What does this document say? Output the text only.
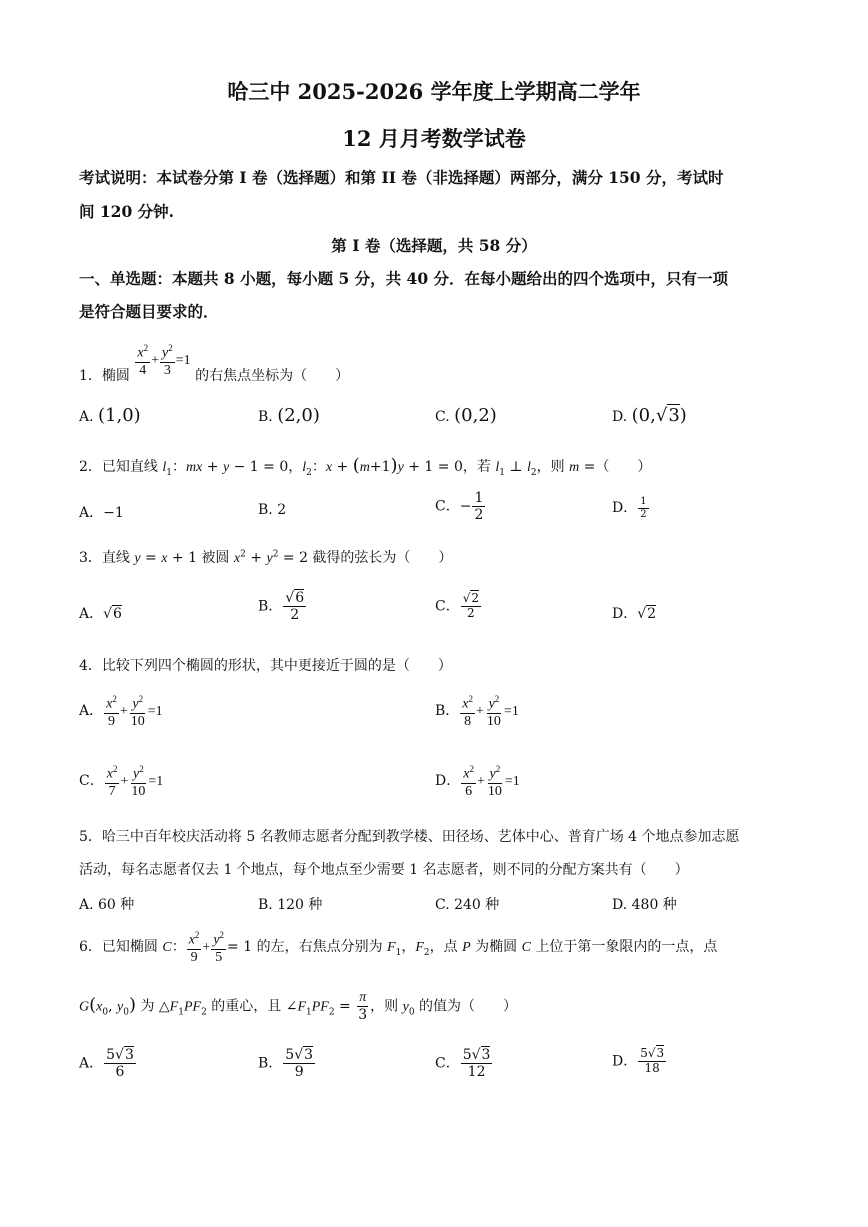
哈三中 2025-2026 学年度上学期高二学年
12 月月考数学试卷
考试说明：本试卷分第 I 卷（选择题）和第 II 卷（非选择题）两部分，满分 150 分，考试时
间 120 分钟.
第 I 卷（选择题，共 58 分）
一、单选题：本题共 8 小题，每小题 5 分，共 40 分．在每小题给出的四个选项中，只有一项
是符合题目要求的．
1．椭圆 $\frac{x^2}{4} + \frac{y^2}{3} =1$ 的右焦点坐标为（　　）
A. (1,0)	B. (2,0)	C. (0,2)	D. (0,√3)
2．已知直线 $l_1$：mx + y − 1 = 0，$l_2$：x + (m+1)y + 1 = 0，若 $l_1$ ⊥ $l_2$，则 m =（　　）
A．−1	B. 2	C．− $\frac{1}{2}$	D． $\frac{1}{2}$
3．直线 y = x + 1 被圆 $x^2 + y^2 = 2$ 截得的弦长为（　　）
A．√6	B． $\frac{√6}{2}$	C． $\frac{√2}{2}$	D．√2
4．比较下列四个椭圆的形状，其中更接近于圆的是（　　）
A． $\frac{x^2}{9} + \frac{y^2}{10} =1$	B． $\frac{x^2}{8} + \frac{y^2}{10} =1$
C． $\frac{x^2}{7} + \frac{y^2}{10} =1$	D． $\frac{x^2}{6} + \frac{y^2}{10} =1$
5．哈三中百年校庆活动将 5 名教师志愿者分配到教学楼、田径场、艺体中心、普育广场 4 个地点参加志愿
活动，每名志愿者仅去 1 个地点，每个地点至少需要 1 名志愿者，则不同的分配方案共有（　　）
A. 60 种	B. 120 种	C. 240 种	D. 480 种
6．已知椭圆 C： $\frac{x^2}{9} + \frac{y^2}{5} = 1$ 的左，右焦点分别为 $F_1$，$F_2$，点 P 为椭圆 C 上位于第一象限内的一点，点
$G(x_0$, $y_0$) 为 $\triangle F_1PF_2$ 的重心，且 $\angle F_1PF_2 = \frac{\pi}{3}$ ，则 $y_0$ 的值为（　　）
A． $\frac{5√3}{6}$	B． $\frac{5√3}{9}$	C． $\frac{5√3}{12}$	D． $\frac{5√3}{18}$
